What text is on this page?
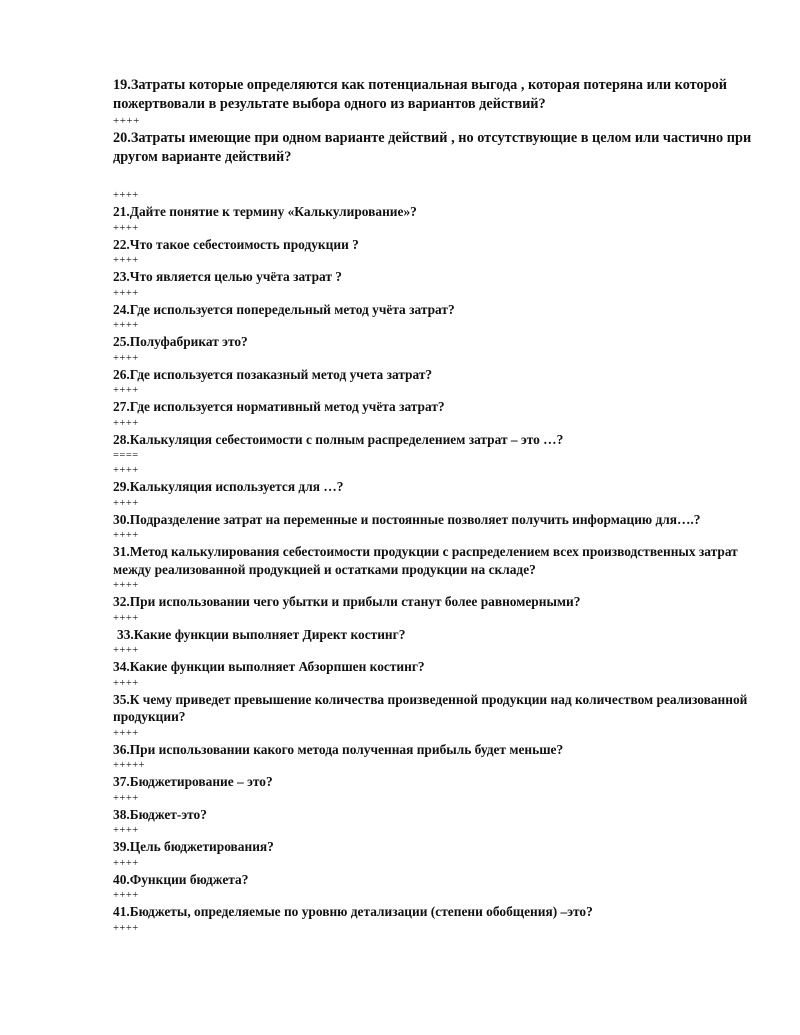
19.Затраты которые определяются как потенциальная выгода , которая потеряна или которой пожертвовали в результате выбора одного из вариантов действий?

++++

20.Затраты имеющие при одном варианте действий , но отсутствующие в целом или частично при другом варианте действий?

++++

21.Дайте понятие к термину «Калькулирование»?

++++

22.Что такое себестоимость продукции ?

++++

23.Что является целью учёта затрат ?

++++

24.Где используется попередельный метод учёта затрат?

++++

25.Полуфабрикат это?

++++

26.Где используется позаказный метод учета затрат?

++++

27.Где используется нормативный метод учёта затрат?

++++

28.Калькуляция себестоимости с полным распределением затрат – это …?

====

++++

29.Калькуляция используется для …?

++++

30.Подразделение затрат на переменные и постоянные позволяет получить информацию для….?

++++

31.Метод калькулирования себестоимости продукции с распределением всех производственных затрат между реализованной продукцией и остатками продукции на складе?

++++

32.При использовании чего убытки и прибыли станут более равномерными?

++++

33.Какие функции выполняет Директ костинг?

++++

34.Какие функции выполняет Абзорпшен костинг?

++++

35.К чему приведет превышение количества произведенной продукции над количеством реализованной продукции?

++++

36.При использовании какого метода полученная прибыль будет меньше?

+++++

37.Бюджетирование – это?

++++

38.Бюджет-это?

++++

39.Цель бюджетирования?

++++

40.Функции бюджета?

++++

41.Бюджеты, определяемые по уровню детализации (степени обобщения) –это?

++++
